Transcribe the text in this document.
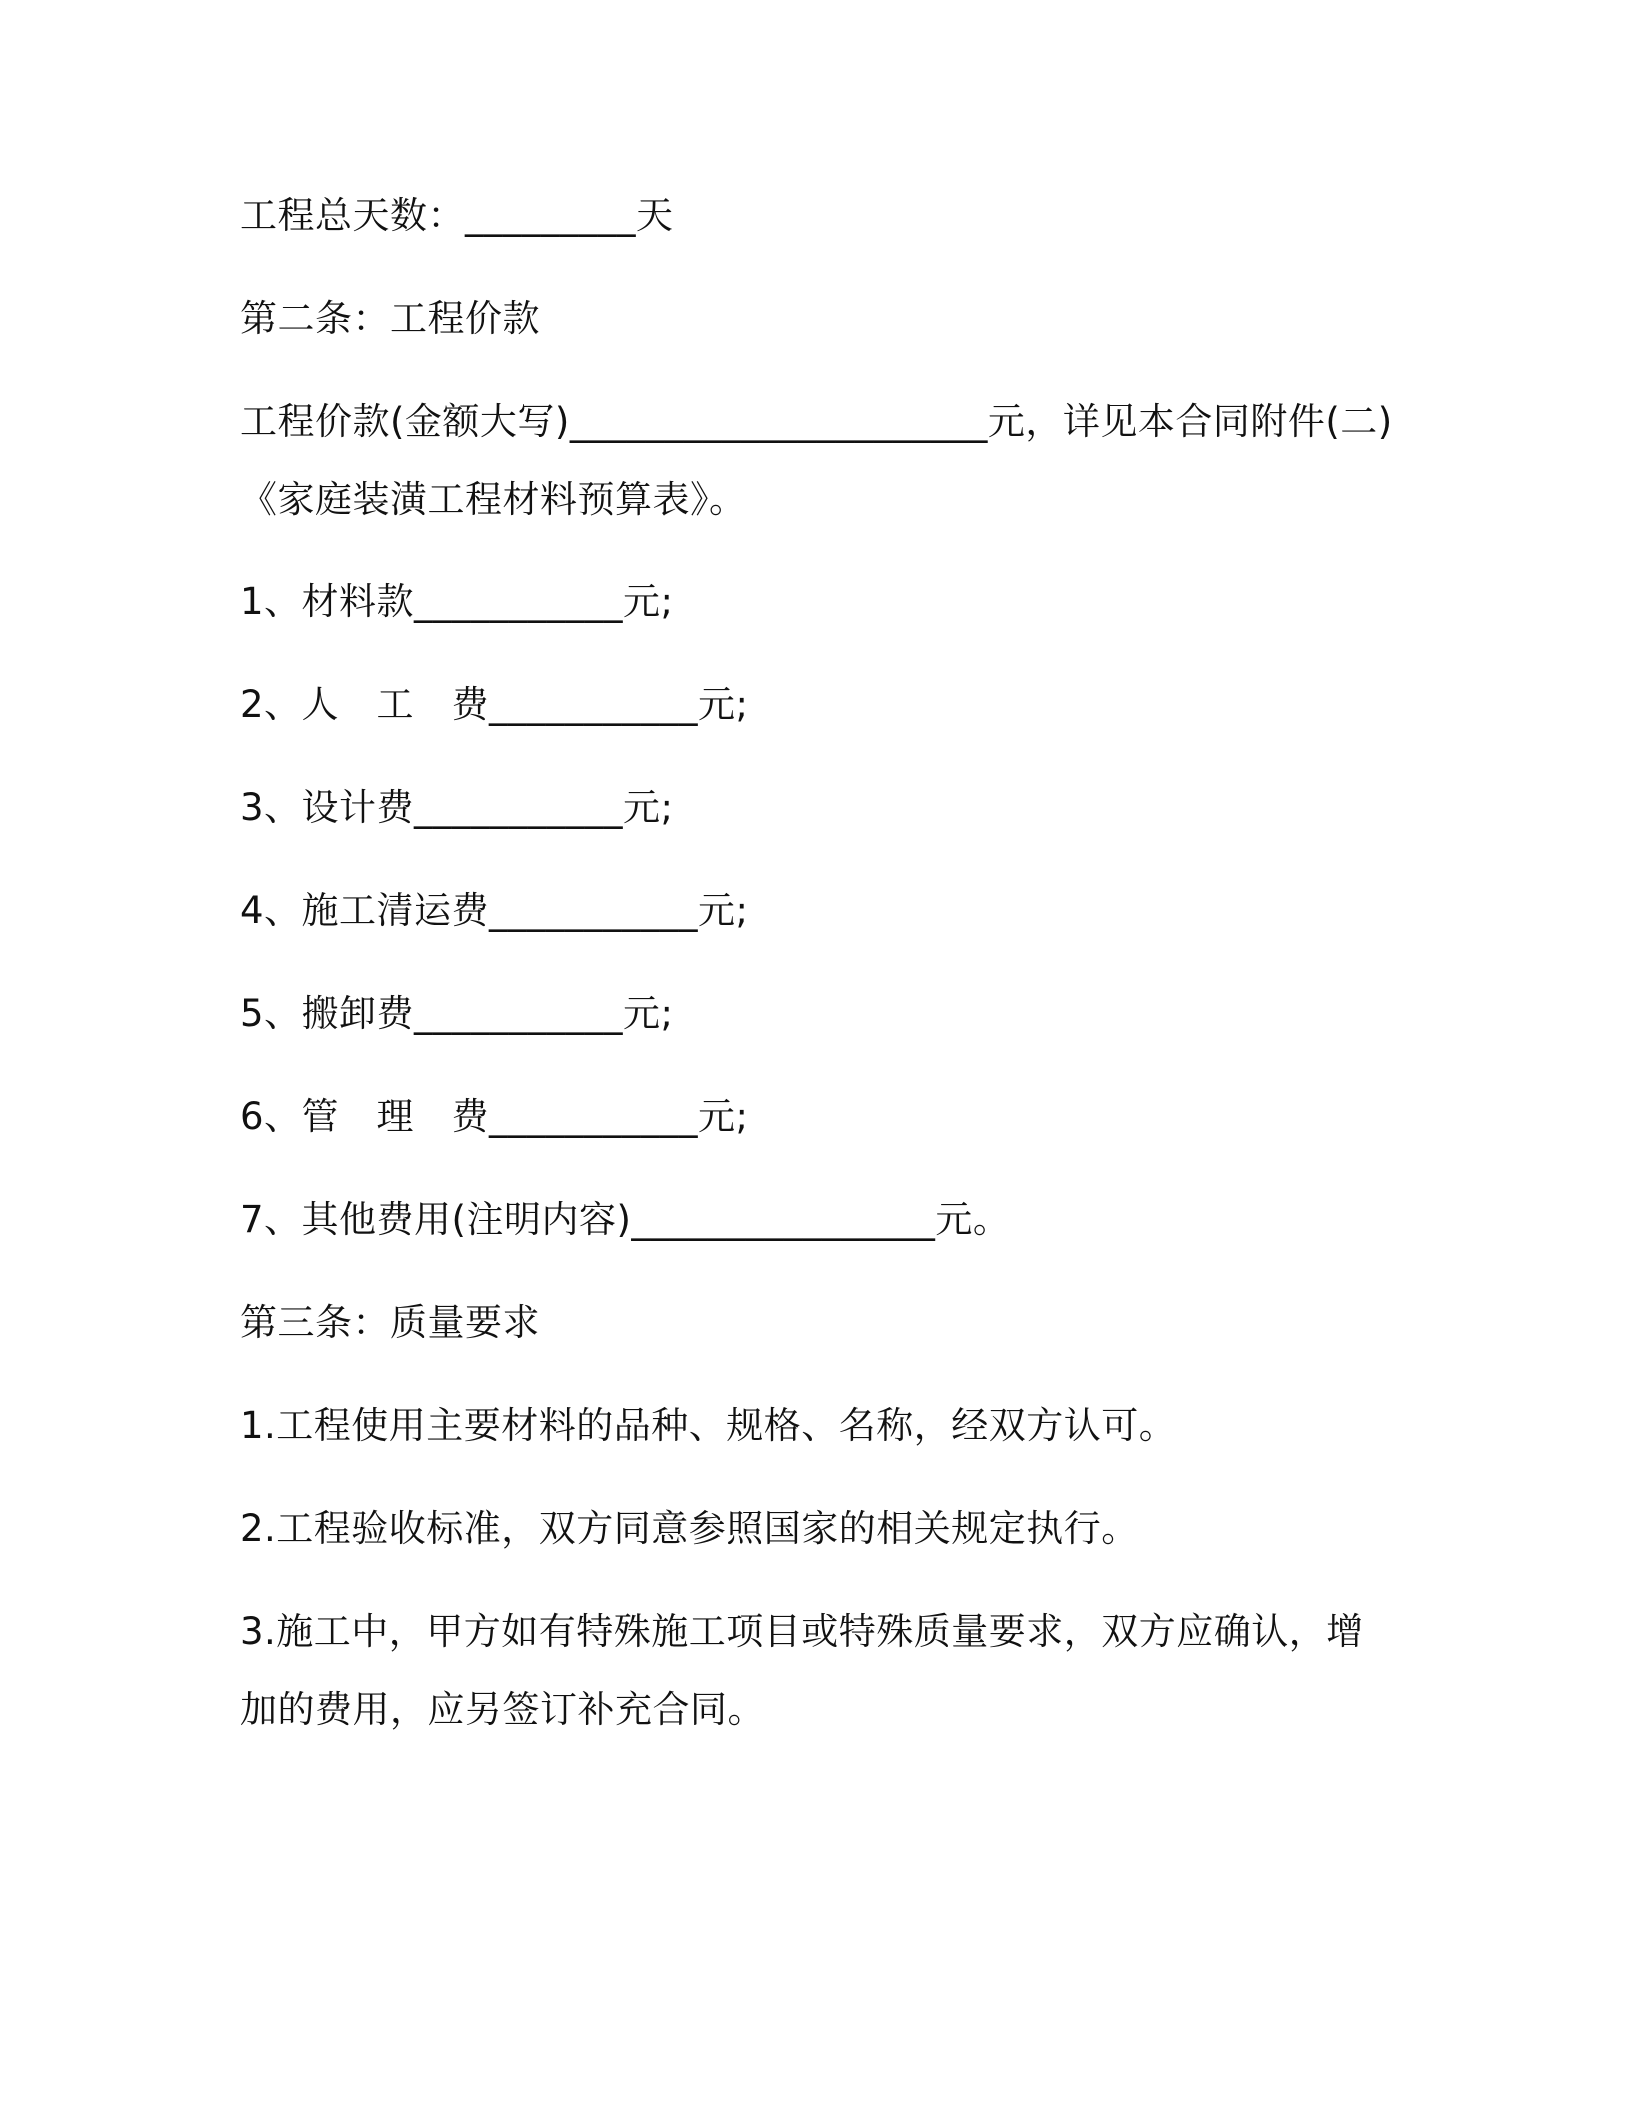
工程总天数：_________天
第二条：工程价款
工程价款(金额大写)______________________元，详见本合同附件(二)
《家庭装潢工程材料预算表》。
1、材料款___________元;
2、人　工　费___________元;
3、设计费___________元;
4、施工清运费___________元;
5、搬卸费___________元;
6、管　理　费___________元;
7、其他费用(注明内容)________________元。
第三条：质量要求
1.工程使用主要材料的品种、规格、名称，经双方认可。
2.工程验收标准，双方同意参照国家的相关规定执行。
3.施工中，甲方如有特殊施工项目或特殊质量要求，双方应确认，增
加的费用，应另签订补充合同。
